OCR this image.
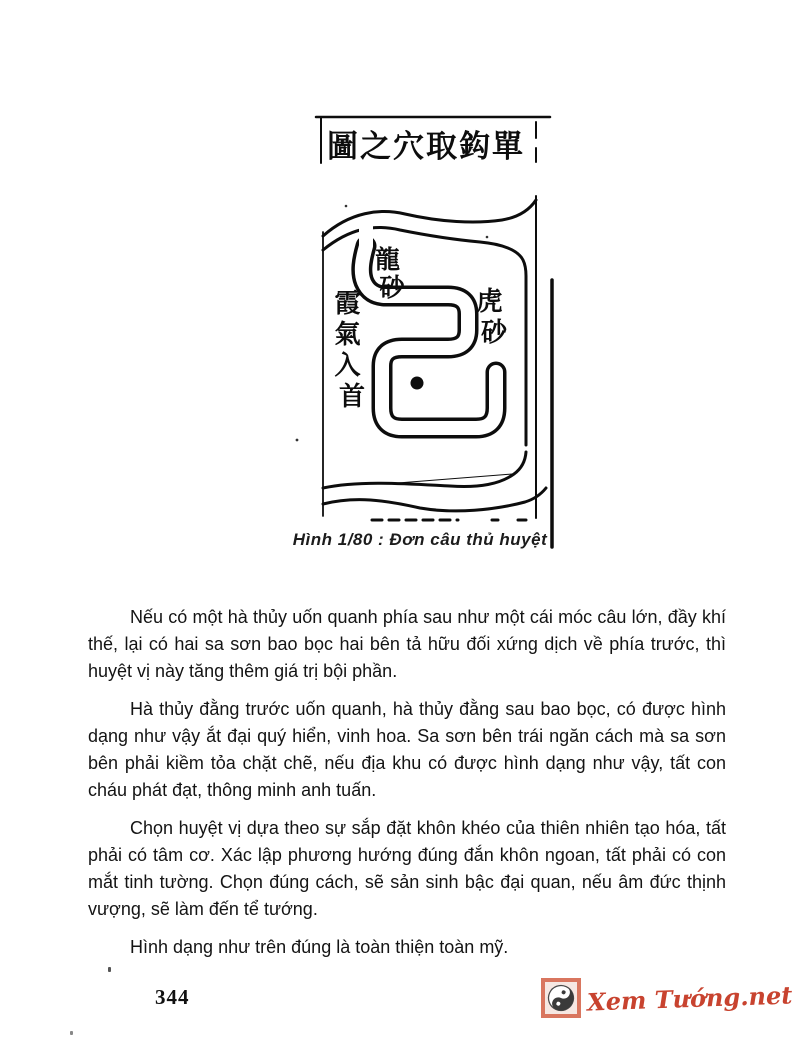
圖之穴取鈎單
龍 砂
霞 氣 入 首
虎 砂
Hình 1/80 : Đơn câu thủ huyệt

Nếu có một hà thủy uốn quanh phía sau như một cái móc câu lớn, đầy khí thế, lại có hai sa sơn bao bọc hai bên tả hữu đối xứng dịch về phía trước, thì huyệt vị này tăng thêm giá trị bội phần.

Hà thủy đằng trước uốn quanh, hà thủy đằng sau bao bọc, có được hình dạng như vậy ắt đại quý hiển, vinh hoa. Sa sơn bên trái ngăn cách mà sa sơn bên phải kiềm tỏa chặt chẽ, nếu địa khu có được hình dạng như vậy, tất con cháu phát đạt, thông minh anh tuấn.

Chọn huyệt vị dựa theo sự sắp đặt khôn khéo của thiên nhiên tạo hóa, tất phải có tâm cơ. Xác lập phương hướng đúng đắn khôn ngoan, tất phải có con mắt tinh tường. Chọn đúng cách, sẽ sản sinh bậc đại quan, nếu âm đức thịnh vượng, sẽ làm đến tể tướng.

Hình dạng như trên đúng là toàn thiện toàn mỹ.

344	Xem Tướng.net
